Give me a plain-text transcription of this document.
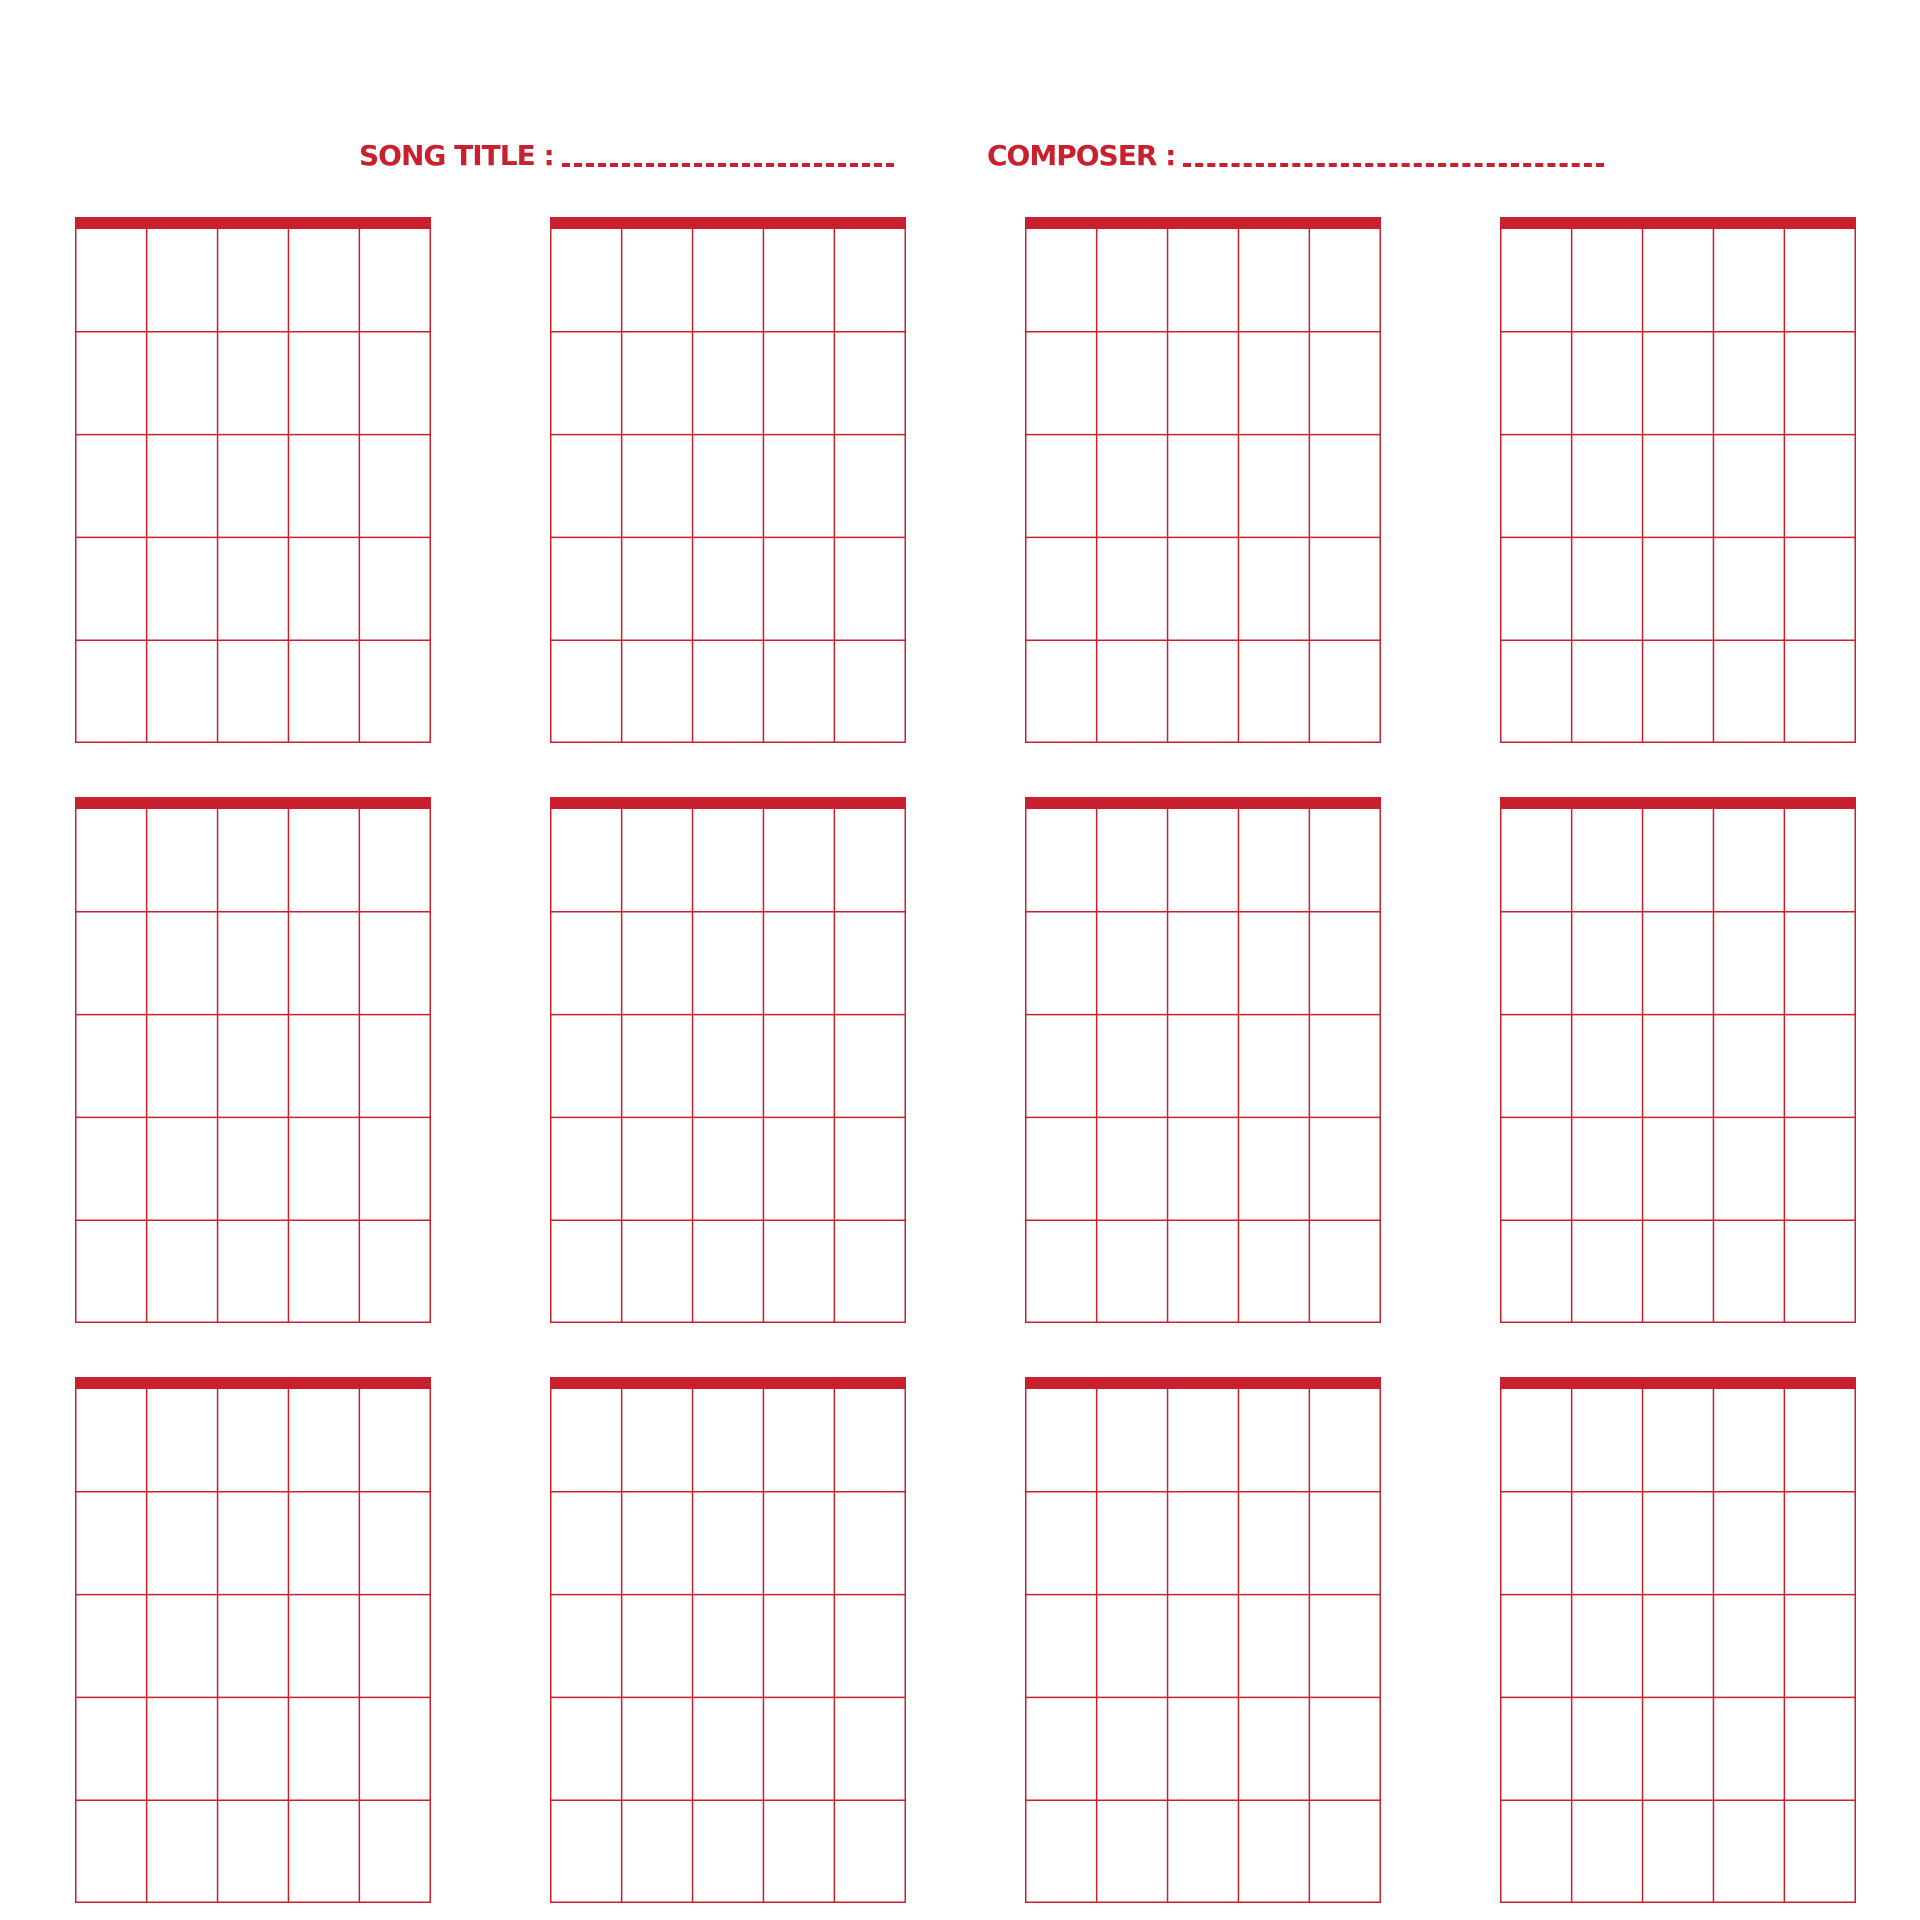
SONG TITLE :	COMPOSER :
